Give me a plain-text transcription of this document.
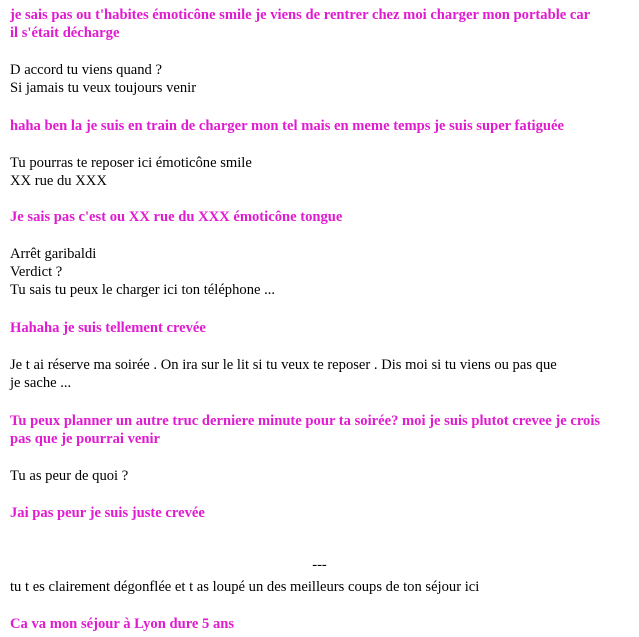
je sais pas ou t'habites émoticône smile je viens de rentrer chez moi charger mon portable car
il s'était décharge

D accord tu viens quand ?
Si jamais tu veux toujours venir

haha ben la je suis en train de charger mon tel mais en meme temps je suis super fatiguée

Tu pourras te reposer ici émoticône smile
XX rue du XXX

Je sais pas c'est ou XX rue du XXX émoticône tongue

Arrêt garibaldi
Verdict ?
Tu sais tu peux le charger ici ton téléphone ...

Hahaha je suis tellement crevée

Je t ai réserve ma soirée . On ira sur le lit si tu veux te reposer . Dis moi si tu viens ou pas que
je sache ...

Tu peux planner un autre truc derniere minute pour ta soirée? moi je suis plutot crevee je crois
pas que je pourrai venir

Tu as peur de quoi ?

Jai pas peur je suis juste crevée

---

tu t es clairement dégonflée et t as loupé un des meilleurs coups de ton séjour ici

Ca va mon séjour à Lyon dure 5 ans
